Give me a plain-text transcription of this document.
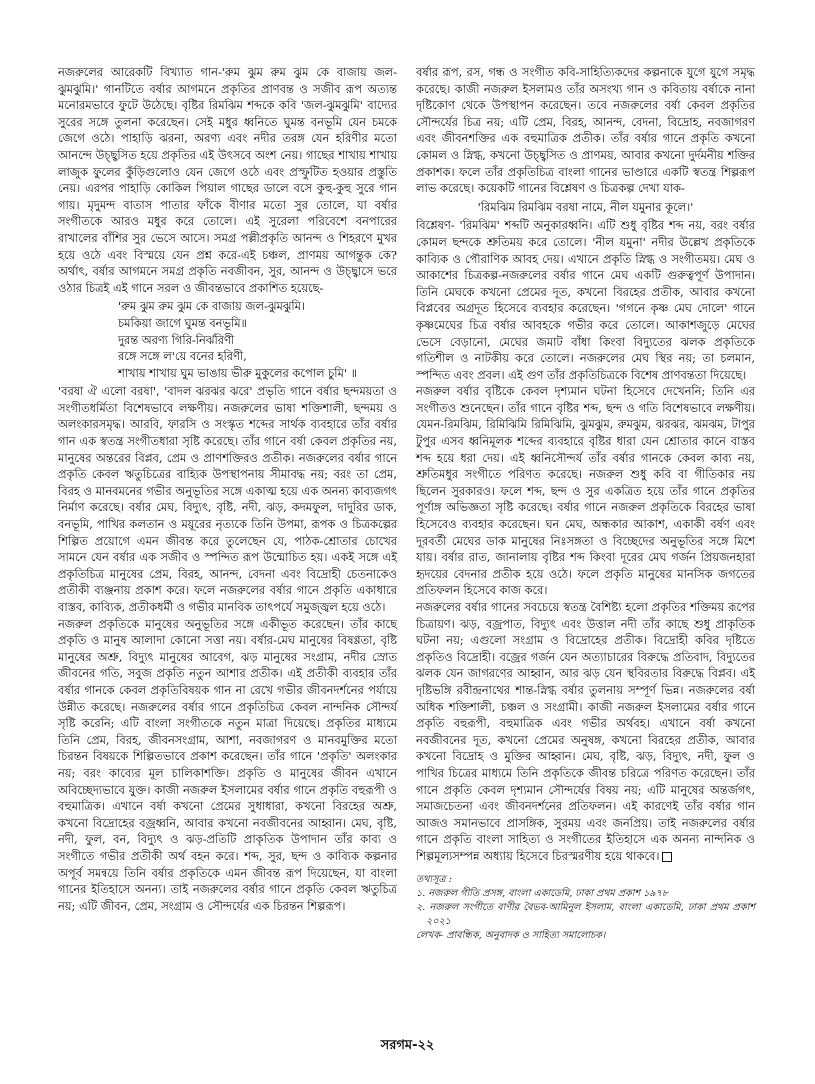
নজরুলের আরেকটি বিখ্যাত গান-'রুম ঝুম রুম ঝুম কে বাজায় জল-ঝুমঝুমি।' গানটিতে বর্ষার আগমনে প্রকৃতির প্রাণবন্ত ও সজীব রূপ অত্যন্ত মনোরমভাবে ফুটে উঠেছে। বৃষ্টির রিমঝিম শব্দকে কবি 'জল-ঝুমঝুমি' বাদ্যের সুরের সঙ্গে তুলনা করেছেন। সেই মধুর ধ্বনিতে ঘুমন্ত বনভূমি যেন চমকে জেগে ওঠে। পাহাড়ি ঝরনা, অরণ্য এবং নদীর তরঙ্গ যেন হরিণীর মতো আনন্দে উচ্ছ্বসিত হয়ে প্রকৃতির এই উৎসবে অংশ নেয়। গাছের শাখায় শাখায় লাজুক ফুলের কুঁড়িগুলোও যেন জেগে ওঠে এবং প্রস্ফুটিত হওয়ার প্রস্তুতি নেয়। এরপর পাহাড়ি কোকিল পিয়াল গাছের ডালে বসে কুহু-কুহু সুরে গান গায়। মৃদুমন্দ বাতাস পাতার ফাঁকে বীণার মতো সুর তোলে, যা বর্ষার সংগীতকে আরও মধুর করে তোলে। এই সুরেলা পরিবেশে বনপারের রাখালের বাঁশির সুর ভেসে আসে। সমগ্র পল্লীপ্রকৃতি আনন্দ ও শিহরণে মুখর হয়ে ওঠে এবং বিস্ময়ে যেন প্রশ্ন করে-এই চঞ্চল, প্রাণময় আগন্তুক কে? অর্থাৎ, বর্ষার আগমনে সমগ্র প্রকৃতি নবজীবন, সুর, আনন্দ ও উচ্ছ্বাসে ভরে ওঠার চিত্রই এই গানে সরল ও জীবন্তভাবে প্রকাশিত হয়েছে-

'রুম ঝুম রুম ঝুম কে বাজায় জল-ঝুমঝুমি।
চমকিয়া জাগে ঘুমন্ত বনভূমি॥
দুরন্ত অরণ্য গিরি-নির্ঝরিণী
রঙ্গে সঙ্গে ল'য়ে বনের হরিণী,
শাখায় শাখায় ঘুম ভাঙায় ভীরু মুকুলের কপোল চুমি' ॥

'বরষা ঐ এলো বরষা', 'বাদল ঝরঝর ঝরে' প্রভৃতি গানে বর্ষার ছন্দময়তা ও সংগীতধর্মিতা বিশেষভাবে লক্ষণীয়। নজরুলের ভাষা শক্তিশালী, ছন্দময় ও অলংকারসমৃদ্ধ। আরবি, ফারসি ও সংস্কৃত শব্দের সার্থক ব্যবহারে তাঁর বর্ষার গান এক স্বতন্ত্র সংগীতধারা সৃষ্টি করেছে। তাঁর গানে বর্ষা কেবল প্রকৃতির নয়, মানুষের অন্তরের বিপ্লব, প্রেম ও প্রাণশক্তিরও প্রতীক। নজরুলের বর্ষার গানে প্রকৃতি কেবল ঋতুচিত্রের বাহ্যিক উপস্থাপনায় সীমাবদ্ধ নয়; বরং তা প্রেম, বিরহ ও মানবমনের গভীর অনুভূতির সঙ্গে একাত্ম হয়ে এক অনন্য কাব্যজগৎ নির্মাণ করেছে। বর্ষার মেঘ, বিদ্যুৎ, বৃষ্টি, নদী, ঝড়, কদমফুল, দাদুরির ডাক, বনভূমি, পাখির কলতান ও ময়ূরের নৃত্যকে তিনি উপমা, রূপক ও চিত্রকল্পের শিল্পিত প্রয়োগে এমন জীবন্ত করে তুলেছেন যে, পাঠক-শ্রোতার চোখের সামনে যেন বর্ষার এক সজীব ও স্পন্দিত রূপ উন্মোচিত হয়। একই সঙ্গে এই প্রকৃতিচিত্র মানুষের প্রেম, বিরহ, আনন্দ, বেদনা এবং বিদ্রোহী চেতনাকেও প্রতীকী ব্যঞ্জনায় প্রকাশ করে। ফলে নজরুলের বর্ষার গানে প্রকৃতি একাধারে বাস্তব, কাব্যিক, প্রতীকধর্মী ও গভীর মানবিক তাৎপর্যে সমুজ্জ্বল হয়ে ওঠে।

নজরুল প্রকৃতিকে মানুষের অনুভূতির সঙ্গে একীভূত করেছেন। তাঁর কাছে প্রকৃতি ও মানুষ আলাদা কোনো সত্তা নয়। বর্ষার-মেঘ মানুষের বিষণ্ণতা, বৃষ্টি মানুষের অশ্রু, বিদ্যুৎ মানুষের আবেগ, ঝড় মানুষের সংগ্রাম, নদীর স্রোত জীবনের গতি, সবুজ প্রকৃতি নতুন আশার প্রতীক। এই প্রতীকী ব্যবহার তাঁর বর্ষার গানকে কেবল প্রকৃতিবিষয়ক গান না রেখে গভীর জীবনদর্শনের পর্যায়ে উন্নীত করেছে। নজরুলের বর্ষার গানে প্রকৃতিচিত্র কেবল নান্দনিক সৌন্দর্য সৃষ্টি করেনি; এটি বাংলা সংগীতকে নতুন মাত্রা দিয়েছে। প্রকৃতির মাধ্যমে তিনি প্রেম, বিরহ, জীবনসংগ্রাম, আশা, নবজাগরণ ও মানবমুক্তির মতো চিরন্তন বিষয়কে শিল্পিতভাবে প্রকাশ করেছেন। তাঁর গানে 'প্রকৃতি' অলংকার নয়; বরং কাব্যের মূল চালিকাশক্তি। প্রকৃতি ও মানুষের জীবন এখানে অবিচ্ছেদ্যভাবে যুক্ত। কাজী নজরুল ইসলামের বর্ষার গানে প্রকৃতি বহুরূপী ও বহুমাত্রিক। এখানে বর্ষা কখনো প্রেমের সুধাধারা, কখনো বিরহের অশ্রু, কখনো বিদ্রোহের বজ্রধ্বনি, আবার কখনো নবজীবনের আহ্বান। মেঘ, বৃষ্টি, নদী, ফুল, বন, বিদ্যুৎ ও ঝড়-প্রতিটি প্রাকৃতিক উপাদান তাঁর কাব্য ও সংগীতে গভীর প্রতীকী অর্থ বহন করে। শব্দ, সুর, ছন্দ ও কাব্যিক কল্পনার অপূর্ব সমন্বয়ে তিনি বর্ষার প্রকৃতিকে এমন জীবন্ত রূপ দিয়েছেন, যা বাংলা গানের ইতিহাসে অনন্য। তাই নজরুলের বর্ষার গানে প্রকৃতি কেবল ঋতুচিত্র নয়; এটি জীবন, প্রেম, সংগ্রাম ও সৌন্দর্যের এক চিরন্তন শিল্পরূপ।

বর্ষার রূপ, রস, গন্ধ ও সংগীত কবি-সাহিত্যিকদের কল্পনাকে যুগে যুগে সমৃদ্ধ করেছে। কাজী নজরুল ইসলামও তাঁর অসংখ্য গান ও কবিতায় বর্ষাকে নানা দৃষ্টিকোণ থেকে উপস্থাপন করেছেন। তবে নজরুলের বর্ষা কেবল প্রকৃতির সৌন্দর্যের চিত্র নয়; এটি প্রেম, বিরহ, আনন্দ, বেদনা, বিদ্রোহ, নবজাগরণ এবং জীবনশক্তির এক বহুমাত্রিক প্রতীক। তাঁর বর্ষার গানে প্রকৃতি কখনো কোমল ও স্নিগ্ধ, কখনো উচ্ছ্বসিত ও প্রাণময়, আবার কখনো দুর্দমনীয় শক্তির প্রকাশক। ফলে তাঁর প্রকৃতিচিত্র বাংলা গানের ভাণ্ডারে একটি স্বতন্ত্র শিল্পরূপ লাভ করেছে। কয়েকটি গানের বিশ্লেষণ ও চিত্রকল্প দেখা যাক-

'রিমঝিম রিমঝিম বরষা নামে, নীল যমুনার কূলে।'

বিশ্লেষণ- 'রিমঝিম' শব্দটি অনুকারধ্বনি। এটি শুধু বৃষ্টির শব্দ নয়, বরং বর্ষার কোমল ছন্দকে শ্রুতিময় করে তোলে। 'নীল যমুনা' নদীর উল্লেখ প্রকৃতিকে কাব্যিক ও পৌরাণিক আবহ দেয়। এখানে প্রকৃতি স্নিগ্ধ ও সংগীতময়। মেঘ ও আকাশের চিত্রকল্প-নজরুলের বর্ষার গানে মেঘ একটি গুরুত্বপূর্ণ উপাদান। তিনি মেঘকে কখনো প্রেমের দূত, কখনো বিরহের প্রতীক, আবার কখনো বিপ্লবের অগ্রদূত হিসেবে ব্যবহার করেছেন। 'গগনে কৃষ্ণ মেঘ দোলে' গানে কৃষ্ণমেঘের চিত্র বর্ষার আবহকে গভীর করে তোলে। আকাশজুড়ে মেঘের ভেসে বেড়ানো, মেঘের জমাট বাঁধা কিংবা বিদ্যুতের ঝলক প্রকৃতিকে গতিশীল ও নাটকীয় করে তোলে। নজরুলের মেঘ স্থির নয়; তা চলমান, স্পন্দিত এবং প্রবল। এই গুণ তাঁর প্রকৃতিচিত্রকে বিশেষ প্রাণবন্ততা দিয়েছে।

নজরুল বর্ষার বৃষ্টিকে কেবল দৃশ্যমান ঘটনা হিসেবে দেখেননি; তিনি এর সংগীতও শুনেছেন। তাঁর গানে বৃষ্টির শব্দ, ছন্দ ও গতি বিশেষভাবে লক্ষণীয়। যেমন-রিমঝিম, রিমিঝিমি রিমিঝিমি, ঝুমঝুম, রুমঝুম, ঝরঝর, ঝমঝম, টাপুর টুপুর এসব ধ্বনিমূলক শব্দের ব্যবহারে বৃষ্টির ধারা যেন শ্রোতার কানে বাস্তব শব্দ হয়ে ধরা দেয়। এই ধ্বনিসৌন্দর্য তাঁর বর্ষার গানকে কেবল কাব্য নয়, শ্রুতিমধুর সংগীতে পরিণত করেছে। নজরুল শুধু কবি বা গীতিকার নয় ছিলেন সুরকারও। ফলে শব্দ, ছন্দ ও সুর একত্রিত হয়ে তাঁর গানে প্রকৃতির পূর্ণাঙ্গ অভিজ্ঞতা সৃষ্টি করেছে। বর্ষার গানে নজরুল প্রকৃতিকে বিরহের ভাষা হিসেবেও ব্যবহার করেছেন। ঘন মেঘ, অন্ধকার আকাশ, একাকী বর্ষণ এবং দূরবর্তী মেঘের ডাক মানুষের নিঃসঙ্গতা ও বিচ্ছেদের অনুভূতির সঙ্গে মিশে যায়। বর্ষার রাত, জানালায় বৃষ্টির শব্দ কিংবা দূরের মেঘ গর্জন প্রিয়জনহারা হৃদয়ের বেদনার প্রতীক হয়ে ওঠে। ফলে প্রকৃতি মানুষের মানসিক জগতের প্রতিফলন হিসেবে কাজ করে।

নজরুলের বর্ষার গানের সবচেয়ে স্বতন্ত্র বৈশিষ্ট্য হলো প্রকৃতির শক্তিময় রূপের চিত্রায়ণ। ঝড়, বজ্রপাত, বিদ্যুৎ এবং উত্তাল নদী তাঁর কাছে শুধু প্রাকৃতিক ঘটনা নয়; এগুলো সংগ্রাম ও বিদ্রোহের প্রতীক। বিদ্রোহী কবির দৃষ্টিতে প্রকৃতিও বিদ্রোহী। বজ্রের গর্জন যেন অত্যাচারের বিরুদ্ধে প্রতিবাদ, বিদ্যুতের ঝলক যেন জাগরণের আহ্বান, আর ঝড় যেন স্থবিরতার বিরুদ্ধে বিপ্লব। এই দৃষ্টিভঙ্গি রবীন্দ্রনাথের শান্ত-স্নিগ্ধ বর্ষার তুলনায় সম্পূর্ণ ভিন্ন। নজরুলের বর্ষা অধিক শক্তিশালী, চঞ্চল ও সংগ্রামী। কাজী নজরুল ইসলামের বর্ষার গানে প্রকৃতি বহুরূপী, বহুমাত্রিক এবং গভীর অর্থবহ। এখানে বর্ষা কখনো নবজীবনের দূত, কখনো প্রেমের অনুষঙ্গ, কখনো বিরহের প্রতীক, আবার কখনো বিদ্রোহ ও মুক্তির আহ্বান। মেঘ, বৃষ্টি, ঝড়, বিদ্যুৎ, নদী, ফুল ও পাখির চিত্রের মাধ্যমে তিনি প্রকৃতিকে জীবন্ত চরিত্রে পরিণত করেছেন। তাঁর গানে প্রকৃতি কেবল দৃশ্যমান সৌন্দর্যের বিষয় নয়; এটি মানুষের অন্তর্জগৎ, সমাজচেতনা এবং জীবনদর্শনের প্রতিফলন। এই কারণেই তাঁর বর্ষার গান আজও সমানভাবে প্রাসঙ্গিক, সুরময় এবং জনপ্রিয়। তাই নজরুলের বর্ষার গানে প্রকৃতি বাংলা সাহিত্য ও সংগীতের ইতিহাসে এক অনন্য নান্দনিক ও শিল্পমূল্যসম্পন্ন অধ্যায় হিসেবে চিরস্মরণীয় হয়ে থাকবে।

তথ্যসূত্র :
১. নজরুল গীতি প্রসঙ্গ, বাংলা একাডেমি, ঢাকা প্রথম প্রকাশ ১৯৭৮
২. নজরুল সংগীতে বাণীর বৈভব-আমিনুল ইসলাম, বাংলা একাডেমি, ঢাকা প্রথম প্রকাশ ২০২১
লেখক- প্রাবন্ধিক, অনুবাদক ও সাহিত্য সমালোচক।
সরগম-২২
